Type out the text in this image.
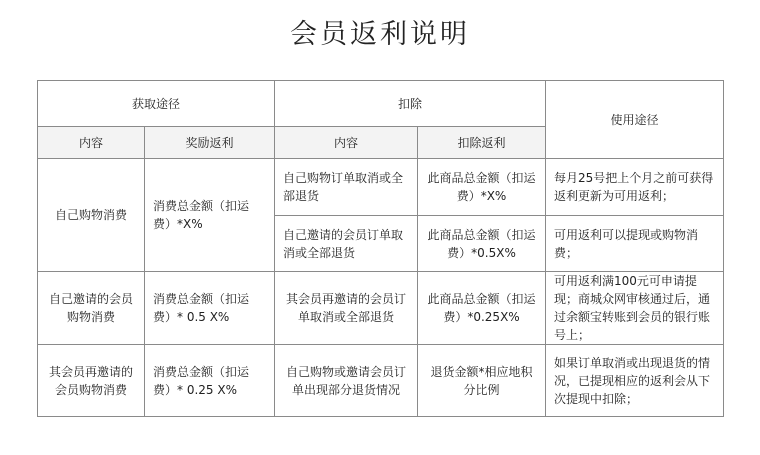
会员返利说明
获取途径		扣除		使用途径
内容	奖励返利	内容	扣除返利	
自己购物消费	消费总金额（扣运费）*X%	自己购物订单取消或全部退货	此商品总金额（扣运费）*X%	每月25号把上个月之前可获得返利更新为可用返利；
		自己邀请的会员订单取消或全部退货	此商品总金额（扣运费）*0.5X%	可用返利可以提现或购物消费；
自己邀请的会员购物消费	消费总金额（扣运费）* 0.5 X%	其会员再邀请的会员订单取消或全部退货	此商品总金额（扣运费）*0.25X%	可用返利满100元可申请提现；商城众网审核通过后，通过余额宝转账到会员的银行账号上；
其会员再邀请的会员购物消费	消费总金额（扣运费）* 0.25 X%	自己购物或邀请会员订单出现部分退货情况	退货金额*相应地积分比例	如果订单取消或出现退货的情况，已提现相应的返利会从下次提现中扣除；
